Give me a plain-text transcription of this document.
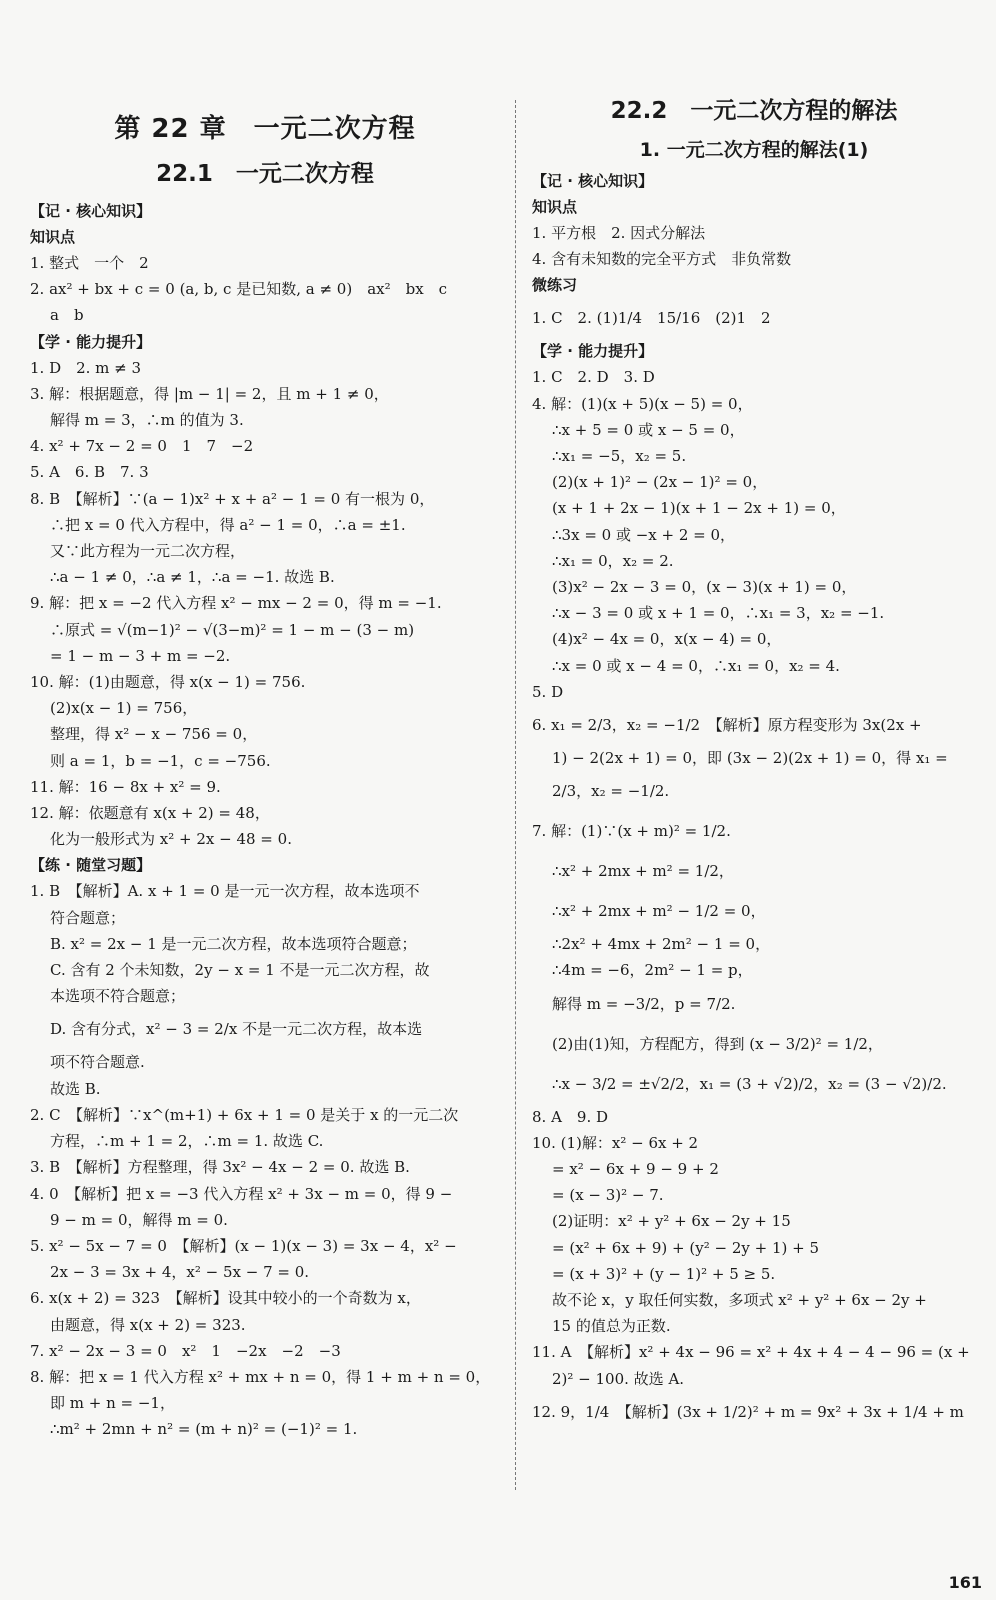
第 22 章　一元二次方程
22.1　一元二次方程
【记 · 核心知识】
知识点
1. 整式　一个　2
2. ax² + bx + c = 0 (a, b, c 是已知数, a ≠ 0)　ax²　bx　c
a　b
【学 · 能力提升】
1. D　2. m ≠ 3
3. 解：根据题意，得 |m − 1| = 2，且 m + 1 ≠ 0，
解得 m = 3，∴m 的值为 3.
4. x² + 7x − 2 = 0　1　7　−2
5. A　6. B　7. 3
8. B　【解析】∵(a − 1)x² + x + a² − 1 = 0 有一根为 0，
∴把 x = 0 代入方程中，得 a² − 1 = 0，∴a = ±1.
又∵此方程为一元二次方程，
∴a − 1 ≠ 0，∴a ≠ 1，∴a = −1. 故选 B.
9. 解：把 x = −2 代入方程 x² − mx − 2 = 0，得 m = −1.
∴原式 = √(m−1)² − √(3−m)² = 1 − m − (3 − m)
= 1 − m − 3 + m = −2.
10. 解：(1)由题意，得 x(x − 1) = 756.
(2)x(x − 1) = 756，
整理，得 x² − x − 756 = 0，
则 a = 1，b = −1，c = −756.
11. 解：16 − 8x + x² = 9.
12. 解：依题意有 x(x + 2) = 48，
化为一般形式为 x² + 2x − 48 = 0.
【练 · 随堂习题】
1. B　【解析】A. x + 1 = 0 是一元一次方程，故本选项不
符合题意；
B. x² = 2x − 1 是一元二次方程，故本选项符合题意；
C. 含有 2 个未知数，2y − x = 1 不是一元二次方程，故
本选项不符合题意；
D. 含有分式，x² − 3 = 2/x 不是一元二次方程，故本选
项不符合题意.
故选 B.
2. C　【解析】∵x^(m+1) + 6x + 1 = 0 是关于 x 的一元二次
方程，∴m + 1 = 2，∴m = 1. 故选 C.
3. B　【解析】方程整理，得 3x² − 4x − 2 = 0. 故选 B.
4. 0　【解析】把 x = −3 代入方程 x² + 3x − m = 0，得 9 −
9 − m = 0，解得 m = 0.
5. x² − 5x − 7 = 0　【解析】(x − 1)(x − 3) = 3x − 4，x² −
2x − 3 = 3x + 4，x² − 5x − 7 = 0.
6. x(x + 2) = 323　【解析】设其中较小的一个奇数为 x，
由题意，得 x(x + 2) = 323.
7. x² − 2x − 3 = 0　x²　1　−2x　−2　−3
8. 解：把 x = 1 代入方程 x² + mx + n = 0，得 1 + m + n = 0，
即 m + n = −1，
∴m² + 2mn + n² = (m + n)² = (−1)² = 1.
22.2　一元二次方程的解法
1. 一元二次方程的解法(1)
【记 · 核心知识】
知识点
1. 平方根　2. 因式分解法
4. 含有未知数的完全平方式　非负常数
微练习
1. C　2. (1)1/4　15/16　(2)1　2
【学 · 能力提升】
1. C　2. D　3. D
4. 解：(1)(x + 5)(x − 5) = 0，
∴x + 5 = 0 或 x − 5 = 0，
∴x₁ = −5，x₂ = 5.
(2)(x + 1)² − (2x − 1)² = 0，
(x + 1 + 2x − 1)(x + 1 − 2x + 1) = 0，
∴3x = 0 或 −x + 2 = 0，
∴x₁ = 0，x₂ = 2.
(3)x² − 2x − 3 = 0，(x − 3)(x + 1) = 0，
∴x − 3 = 0 或 x + 1 = 0，∴x₁ = 3，x₂ = −1.
(4)x² − 4x = 0，x(x − 4) = 0，
∴x = 0 或 x − 4 = 0，∴x₁ = 0，x₂ = 4.
5. D
6. x₁ = 2/3，x₂ = −1/2　【解析】原方程变形为 3x(2x +
1) − 2(2x + 1) = 0，即 (3x − 2)(2x + 1) = 0，得 x₁ =
2/3，x₂ = −1/2.
7. 解：(1)∵(x + m)² = 1/2.
∴x² + 2mx + m² = 1/2，
∴x² + 2mx + m² − 1/2 = 0，
∴2x² + 4mx + 2m² − 1 = 0，
∴4m = −6，2m² − 1 = p，
解得 m = −3/2，p = 7/2.
(2)由(1)知，方程配方，得到 (x − 3/2)² = 1/2，
∴x − 3/2 = ±√2/2，x₁ = (3 + √2)/2，x₂ = (3 − √2)/2.
8. A　9. D
10. (1)解：x² − 6x + 2
= x² − 6x + 9 − 9 + 2
= (x − 3)² − 7.
(2)证明：x² + y² + 6x − 2y + 15
= (x² + 6x + 9) + (y² − 2y + 1) + 5
= (x + 3)² + (y − 1)² + 5 ≥ 5.
故不论 x，y 取任何实数，多项式 x² + y² + 6x − 2y +
15 的值总为正数.
11. A　【解析】x² + 4x − 96 = x² + 4x + 4 − 4 − 96 = (x +
2)² − 100. 故选 A.
12. 9，1/4　【解析】(3x + 1/2)² + m = 9x² + 3x + 1/4 + m
161
